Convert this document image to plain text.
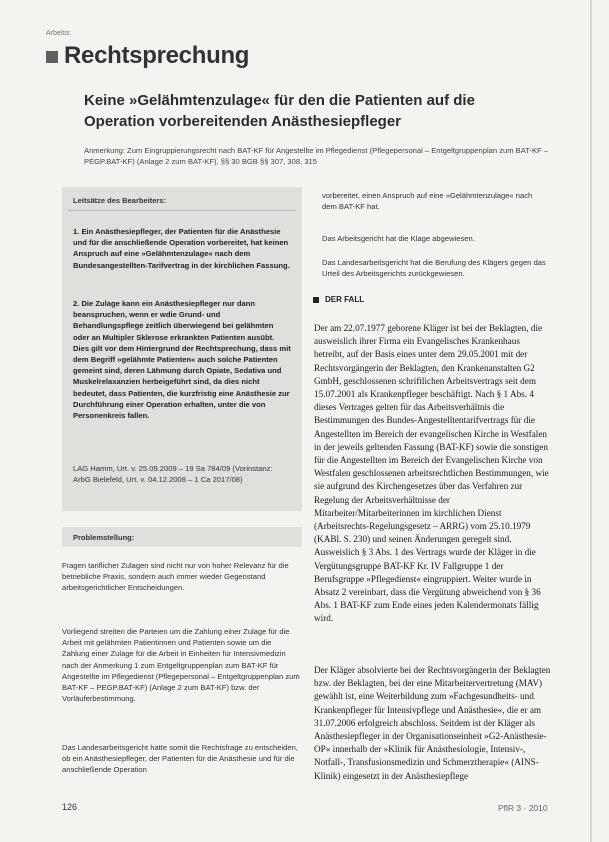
Arbeitsr.
Rechtsprechung
Keine »Gelähmtenzulage« für den die Patienten auf die Operation vorbereitenden Anästhesiepfleger
Anmerkung: Zum Eingruppierungsrecht nach BAT-KF für Angestellte im Pflegedienst (Pflegepersonal – Entgeltgruppenplan zum BAT-KF – PEGP.BAT-KF) (Anlage 2 zum BAT-KF), §§ 30 BGB §§ 307, 308, 315
Leitsätze des Bearbeiters:
1. Ein Anästhesiepfleger, der Patienten für die Anästhesie und für die anschließende Operation vorbereitet, hat keinen Anspruch auf eine »Gelähmtenzulage« nach dem Bundesangestellten-Tarifvertrag in der kirchlichen Fassung.
2. Die Zulage kann ein Anästhesiepfleger nur dann beanspruchen, wenn er wdie Grund- und Behandlungspflege zeitlich überwiegend bei gelähmten oder an Multipler Sklerose erkrankten Patienten ausübt. Dies gilt vor dem Hintergrund der Rechtsprechung, dass mit dem Begriff »gelähmte Patienten« auch solche Patienten gemeint sind, deren Lähmung durch Opiate, Sedativa und Muskelrelaxanzien herbeigeführt sind, da dies nicht bedeutet, dass Patienten, die kurzfristig eine Anästhesie zur Durchführung einer Operation erhalten, unter die von Personenkreis fallen.
LAG Hamm, Urt. v. 25.09.2009 – 19 Sa 784/09 (Vorinstanz: ArbG Bielefeld, Urt. v. 04.12.2008 – 1 Ca 2017/08)
Problemstellung:
Fragen tariflicher Zulagen sind nicht nur von hoher Relevanz für die betriebliche Praxis, sondern auch immer wieder Gegenstand arbeitsgerichtlicher Entscheidungen.
Vorliegend streiten die Parteien um die Zahlung einer Zulage für die Arbeit mit gelähmten Patientinnen und Patienten sowie um die Zahlung einer Zulage für die Arbeit in Einheiten für Intensivmedizin nach der Anmerkung 1 zum Entgeltgruppenplan zum BAT-KF für Angestellte im Pflegedienst (Pflegepersonal – Entgeltgruppenplan zum BAT-KF – PEGP.BAT-KF) (Anlage 2 zum BAT-KF) bzw. der Vorläuferbestimmung.
Das Landesarbeitsgericht hatte somit die Rechtsfrage zu entscheiden, ob ein Anästhesiepfleger, der Patienten für die Anästhesie und für die anschließende Operation
vorbereitet, einen Anspruch auf eine »Gelähmtenzulage« nach dem BAT-KF hat.
Das Arbeitsgericht hat die Klage abgewiesen.
Das Landesarbeitsgericht hat die Berufung des Klägers gegen das Urteil des Arbeitsgerichts zurückgewiesen.
DER FALL
Der am 22.07.1977 geborene Kläger ist bei der Beklagten, die ausweislich ihrer Firma ein Evangelisches Krankenhaus betreibt, auf der Basis eines unter dem 29.05.2001 mit der Rechtsvorgängerin der Beklagten, den Krankenanstalten G2 GmbH, geschlossenen schriftlichen Arbeitsvertrags seit dem 15.07.2001 als Krankenpfleger beschäftigt. Nach § 1 Abs. 4 dieses Vertrages gelten für das Arbeitsverhältnis die Bestimmungen des Bundes-Angestelltentarifvertrags für die Angestellten im Bereich der evangelischen Kirche in Westfalen in der jeweils geltenden Fassung (BAT-KF) sowie die sonstigen für die Angestellten im Bereich der Evangelischen Kirche von Westfalen geschlossenen arbeitsrechtlichen Bestimmungen, wie sie aufgrund des Kirchengesetzes über das Verfahren zur Regelung der Arbeitsverhältnisse der Mitarbeiter/Mitarbeiterinnen im kirchlichen Dienst (Arbeitsrechts-Regelungsgesetz – ARRG) vom 25.10.1979 (KABl. S. 230) und seinen Änderungen geregelt sind. Ausweislich § 3 Abs. 1 des Vertrags wurde der Kläger in die Vergütungsgruppe BAT-KF Kr. IV Fallgruppe 1 der Berufsgruppe »Pflegedienst« eingruppiert. Weiter wurde in Absatz 2 vereinbart, dass die Vergütung abweichend von § 36 Abs. 1 BAT-KF zum Ende eines jeden Kalendermonats fällig wird.
Der Kläger absolvierte bei der Rechtsvorgängerin der Beklagten bzw. der Beklagten, bei der eine Mitarbeitervertretung (MAV) gewählt ist, eine Weiterbildung zum »Fachgesundheits- und Krankenpfleger für Intensivpflege und Anästhesie«, die er am 31.07.2006 erfolgreich abschloss. Seitdem ist der Kläger als Anästhesiepfleger in der Organisationseinheit »G2-Anästhesie-OP« innerhalb der »Klinik für Anästhesiologie, Intensiv-, Notfall-, Transfusionsmedizin und Schmerztherapie« (AINS-Klinik) eingesetzt in der Anästhesiepflege
126	PflR 3 · 2010
